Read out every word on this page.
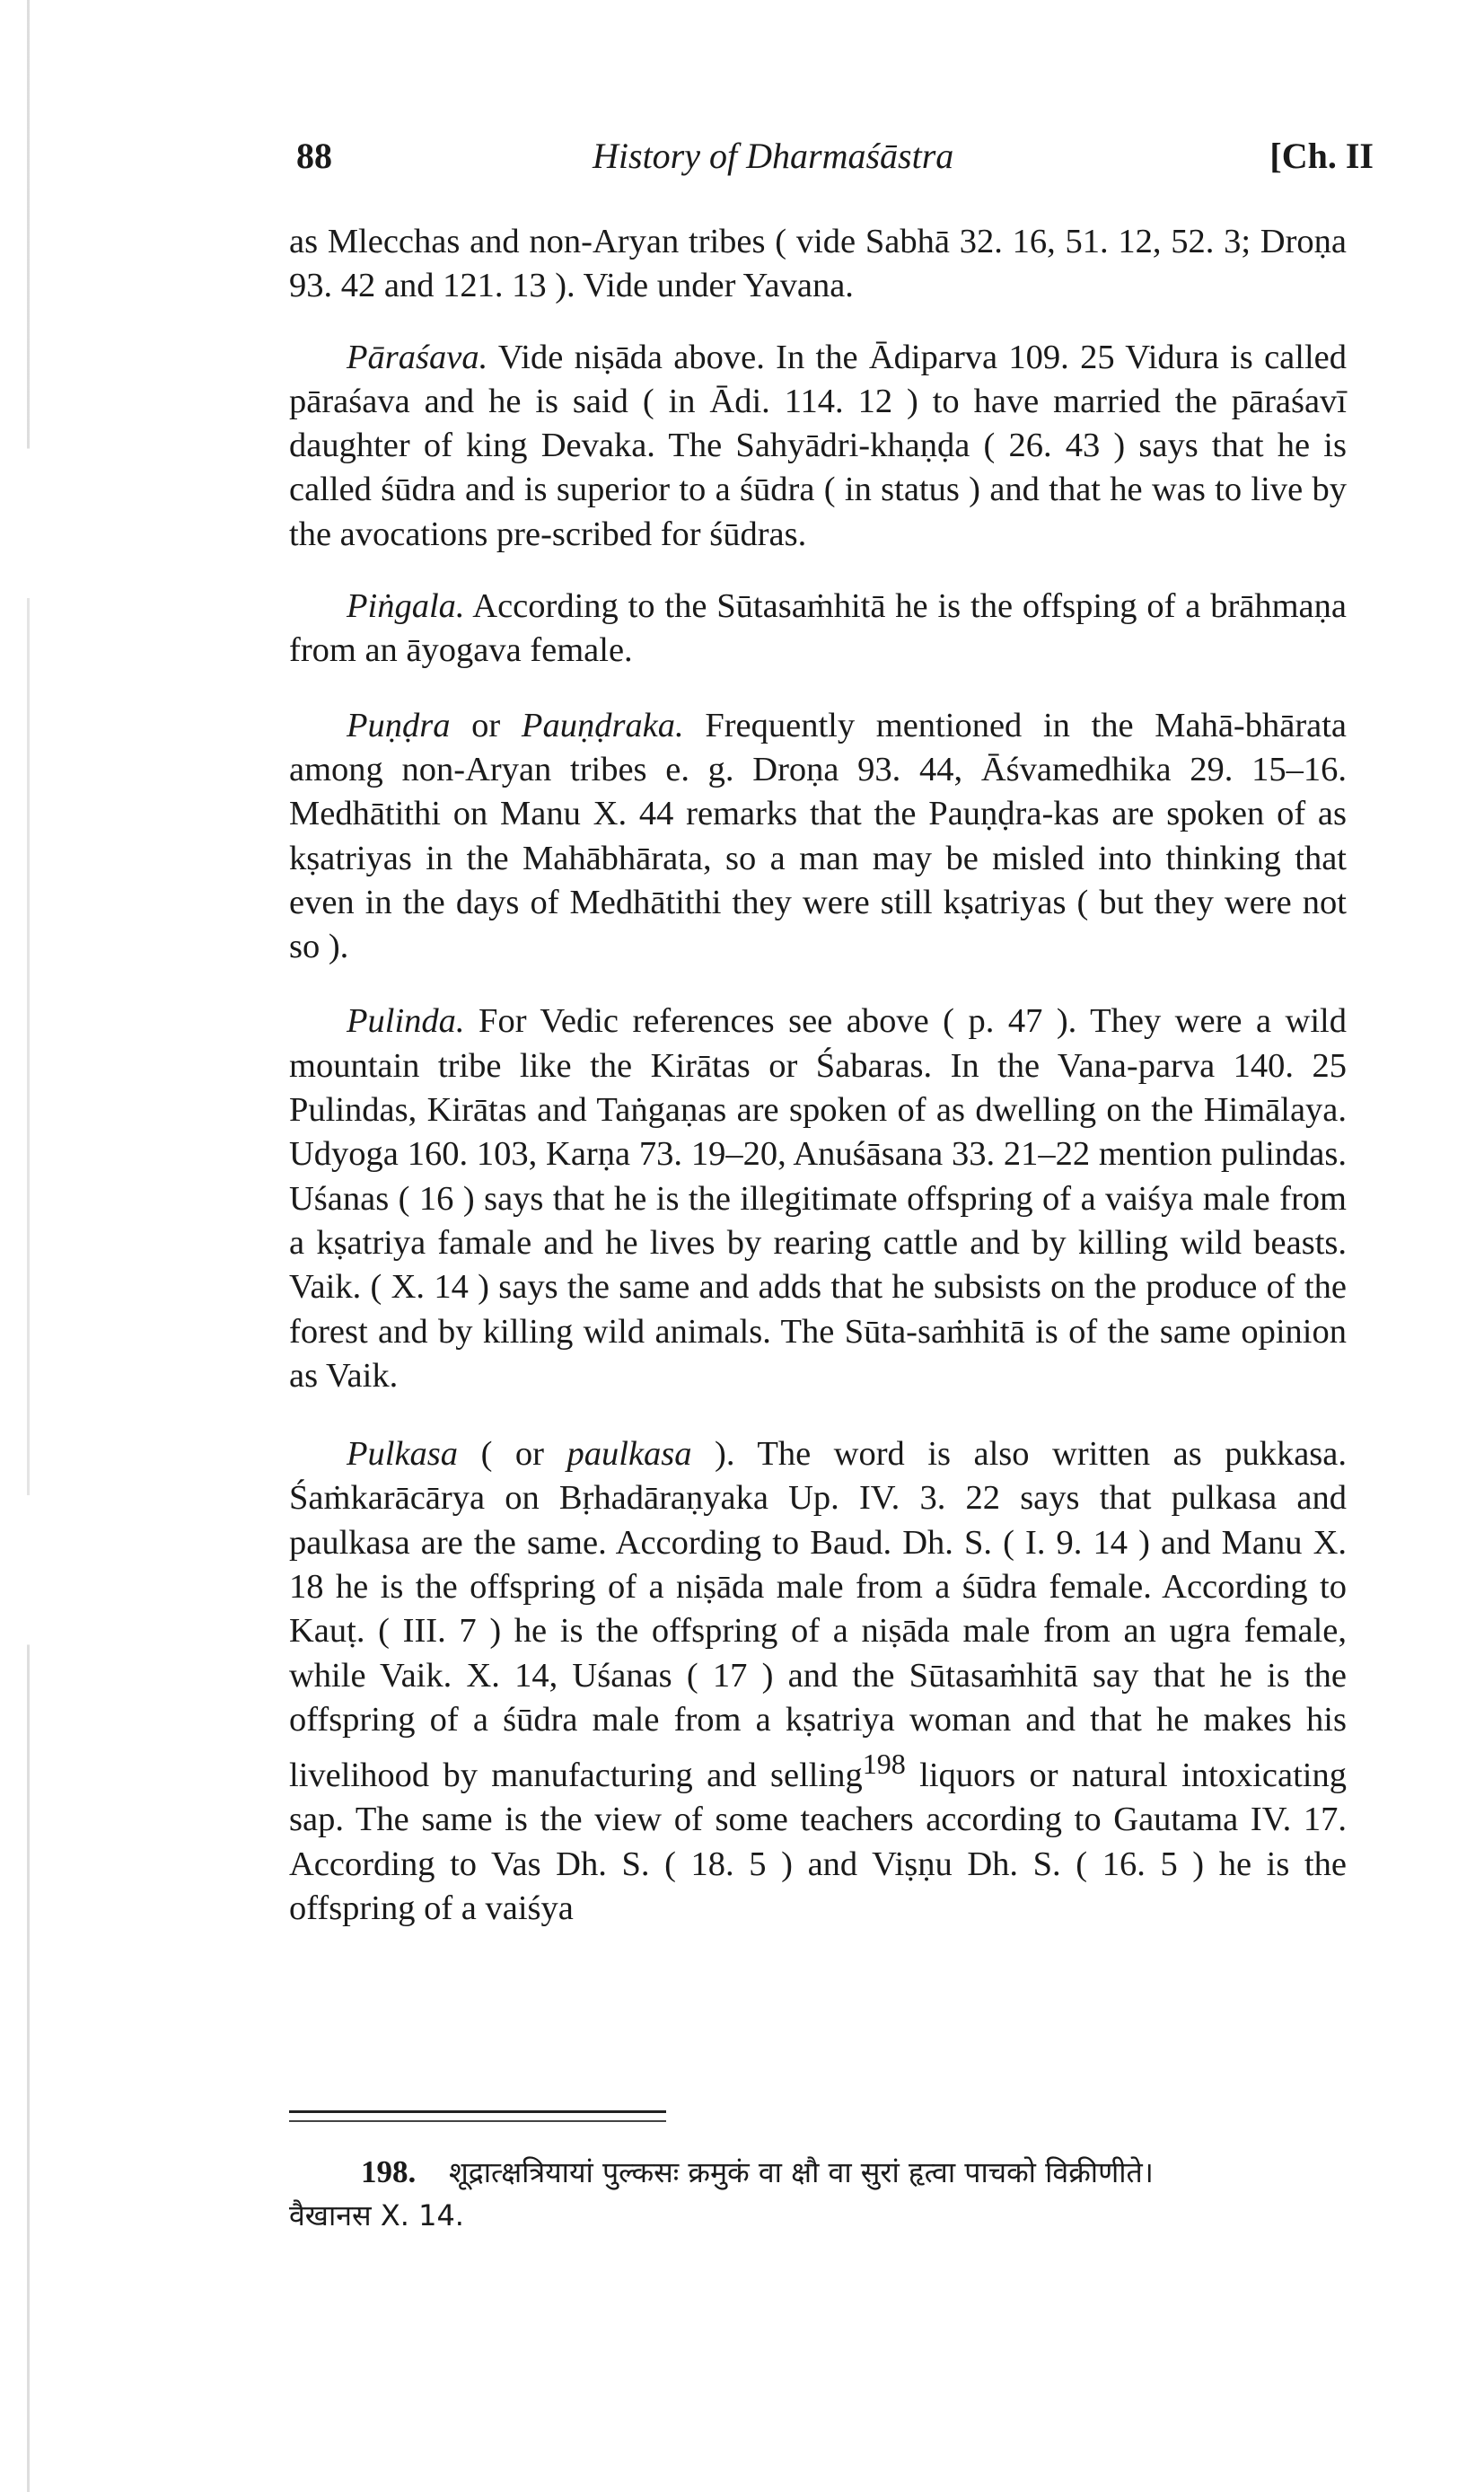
88	History of Dharmaśāstra	[Ch. II

as Mlecchas and non-Aryan tribes ( vide Sabhā 32. 16, 51. 12, 52. 3; Droṇa 93. 42 and 121. 13 ). Vide under Yavana.

Pāraśava. Vide niṣāda above. In the Ādiparva 109. 25 Vidura is called pāraśava and he is said ( in Ādi. 114. 12 ) to have married the pāraśavī daughter of king Devaka. The Sahyādri-khaṇḍa ( 26. 43 ) says that he is called śūdra and is superior to a śūdra ( in status ) and that he was to live by the avocations pre-scribed for śūdras.

Piṅgala. According to the Sūtasaṁhitā he is the offsping of a brāhmaṇa from an āyogava female.

Puṇḍra or Pauṇḍraka. Frequently mentioned in the Mahā-bhārata among non-Aryan tribes e. g. Droṇa 93. 44, Āśvamedhika 29. 15–16. Medhātithi on Manu X. 44 remarks that the Pauṇḍra-kas are spoken of as kṣatriyas in the Mahābhārata, so a man may be misled into thinking that even in the days of Medhātithi they were still kṣatriyas ( but they were not so ).

Pulinda. For Vedic references see above ( p. 47 ). They were a wild mountain tribe like the Kirātas or Śabaras. In the Vana-parva 140. 25 Pulindas, Kirātas and Taṅgaṇas are spoken of as dwelling on the Himālaya. Udyoga 160. 103, Karṇa 73. 19–20, Anuśāsana 33. 21–22 mention pulindas. Uśanas ( 16 ) says that he is the illegitimate offspring of a vaiśya male from a kṣatriya famale and he lives by rearing cattle and by killing wild beasts. Vaik. ( X. 14 ) says the same and adds that he subsists on the produce of the forest and by killing wild animals. The Sūta-saṁhitā is of the same opinion as Vaik.

Pulkasa ( or paulkasa ). The word is also written as pukkasa. Śaṁkarācārya on Bṛhadāraṇyaka Up. IV. 3. 22 says that pulkasa and paulkasa are the same. According to Baud. Dh. S. ( I. 9. 14 ) and Manu X. 18 he is the offspring of a niṣāda male from a śūdra female. According to Kauṭ. ( III. 7 ) he is the offspring of a niṣāda male from an ugra female, while Vaik. X. 14, Uśanas ( 17 ) and the Sūtasaṁhitā say that he is the offspring of a śūdra male from a kṣatriya woman and that he makes his livelihood by manufacturing and selling$^{198}$ liquors or natural intoxicating sap. The same is the view of some teachers according to Gautama IV. 17. According to Vas Dh. S. ( 18. 5 ) and Viṣṇu Dh. S. ( 16. 5 ) he is the offspring of a vaiśya

198. शूद्रात्क्षत्रियायां पुल्कसः क्रमुकं वा क्षौ वा सुरां हृत्वा पाचको विक्रीणीते।
वैखानस X. 14.
